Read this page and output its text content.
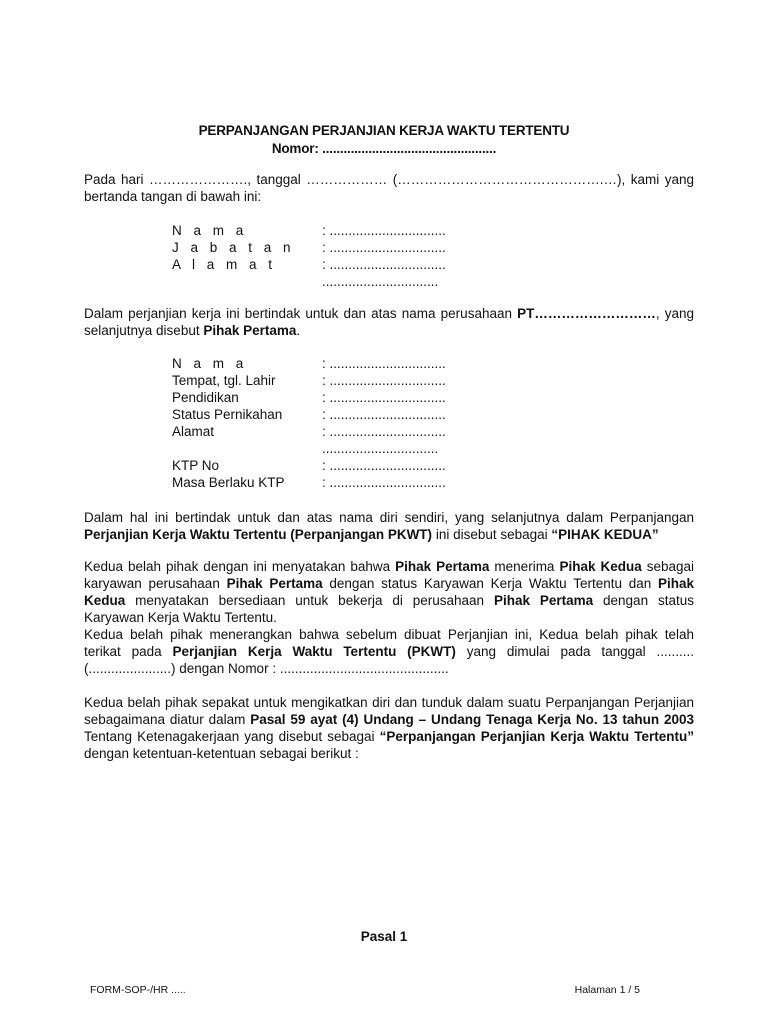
PERPANJANGAN PERJANJIAN KERJA WAKTU TERTENTU
Nomor: .................................................
Pada hari …………………., tanggal ……………… (……………………………………….…), kami yang bertanda tangan di bawah ini:
N a m a	: ...............................
J a b a t a n : ...............................
A l a m a t	: ...............................
...............................
Dalam perjanjian kerja ini bertindak untuk dan atas nama perusahaan PT………………………, yang selanjutnya disebut Pihak Pertama.
N a m a	: ...............................
Tempat, tgl. Lahir	: ...............................
Pendidikan	: ...............................
Status Pernikahan	: ...............................
Alamat	: ...............................
...............................
KTP No	: ...............................
Masa Berlaku KTP	: ...............................
Dalam hal ini bertindak untuk dan atas nama diri sendiri, yang selanjutnya dalam Perpanjangan Perjanjian Kerja Waktu Tertentu (Perpanjangan PKWT) ini disebut sebagai “PIHAK KEDUA”
Kedua belah pihak dengan ini menyatakan bahwa Pihak Pertama menerima Pihak Kedua sebagai karyawan perusahaan Pihak Pertama dengan status Karyawan Kerja Waktu Tertentu dan Pihak Kedua menyatakan bersediaan untuk bekerja di perusahaan Pihak Pertama dengan status Karyawan Kerja Waktu Tertentu.
Kedua belah pihak menerangkan bahwa sebelum dibuat Perjanjian ini, Kedua belah pihak telah terikat pada Perjanjian Kerja Waktu Tertentu (PKWT) yang dimulai pada tanggal .......... (......................) dengan Nomor : .............................................
Kedua belah pihak sepakat untuk mengikatkan diri dan tunduk dalam suatu Perpanjangan Perjanjian sebagaimana diatur dalam Pasal 59 ayat (4) Undang – Undang Tenaga Kerja No. 13 tahun 2003 Tentang Ketenagakerjaan yang disebut sebagai “Perpanjangan Perjanjian Kerja Waktu Tertentu” dengan ketentuan-ketentuan sebagai berikut :
Pasal 1
FORM-SOP-/HR .....	Halaman 1 / 5
